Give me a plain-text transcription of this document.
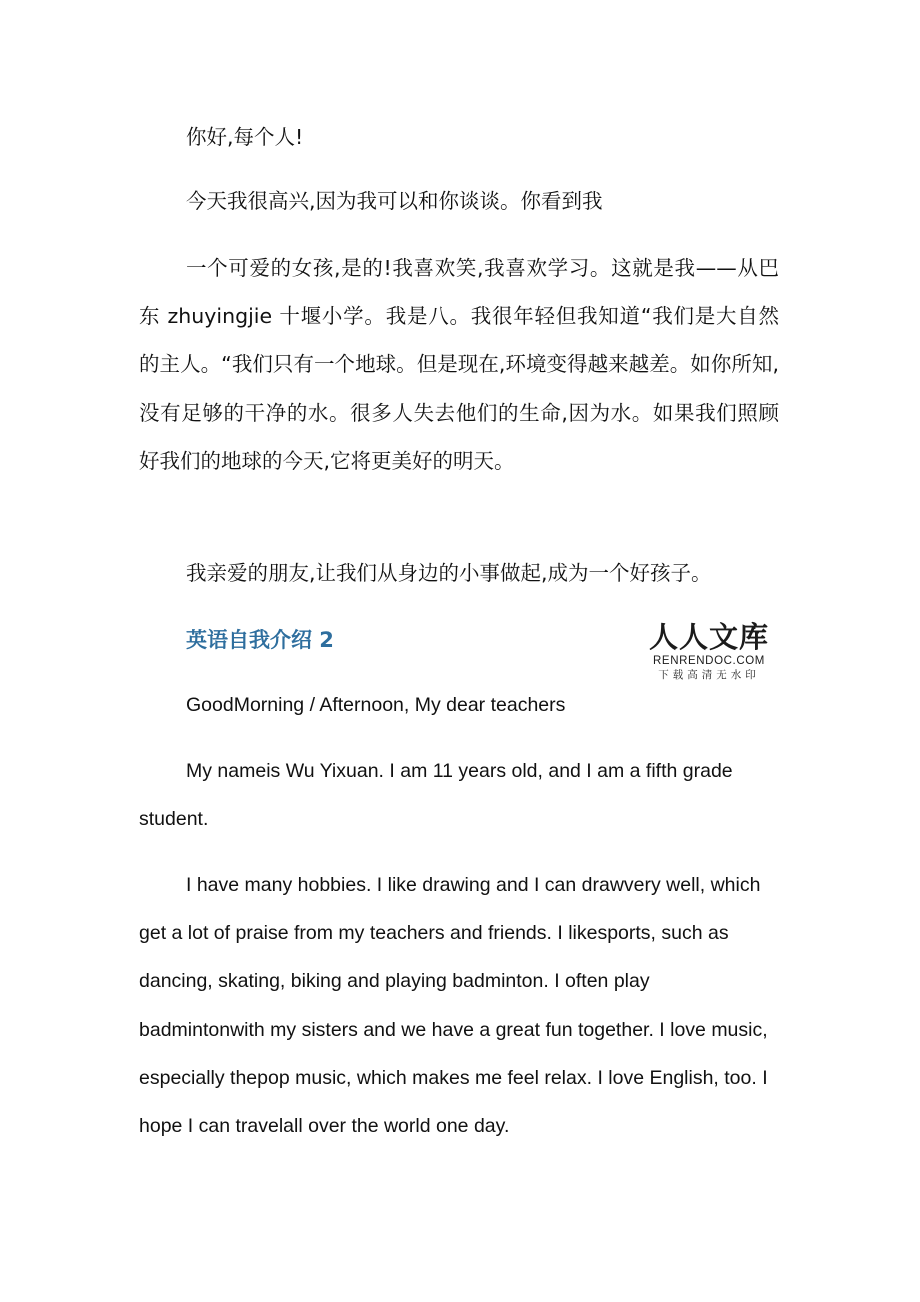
你好,每个人!

今天我很高兴,因为我可以和你谈谈。你看到我

一个可爱的女孩,是的!我喜欢笑,我喜欢学习。这就是我——从巴东 zhuyingjie 十堰小学。我是八。我很年轻但我知道“我们是大自然的主人。“我们只有一个地球。但是现在,环境变得越来越差。如你所知,没有足够的干净的水。很多人失去他们的生命,因为水。如果我们照顾好我们的地球的今天,它将更美好的明天。

我亲爱的朋友,让我们从身边的小事做起,成为一个好孩子。

英语自我介绍 2	人人文库
RENRENDOC.COM
下载高清无水印

GoodMorning / Afternoon, My dear teachers

My nameis Wu Yixuan. I am 11 years old, and I am a fifth grade student.

I have many hobbies. I like drawing and I can drawvery well, which get a lot of praise from my teachers and friends. I likesports, such as dancing, skating, biking and playing badminton. I often play badmintonwith my sisters and we have a great fun together. I love music, especially thepop music, which makes me feel relax. I love English, too. I hope I can travelall over the world one day.
